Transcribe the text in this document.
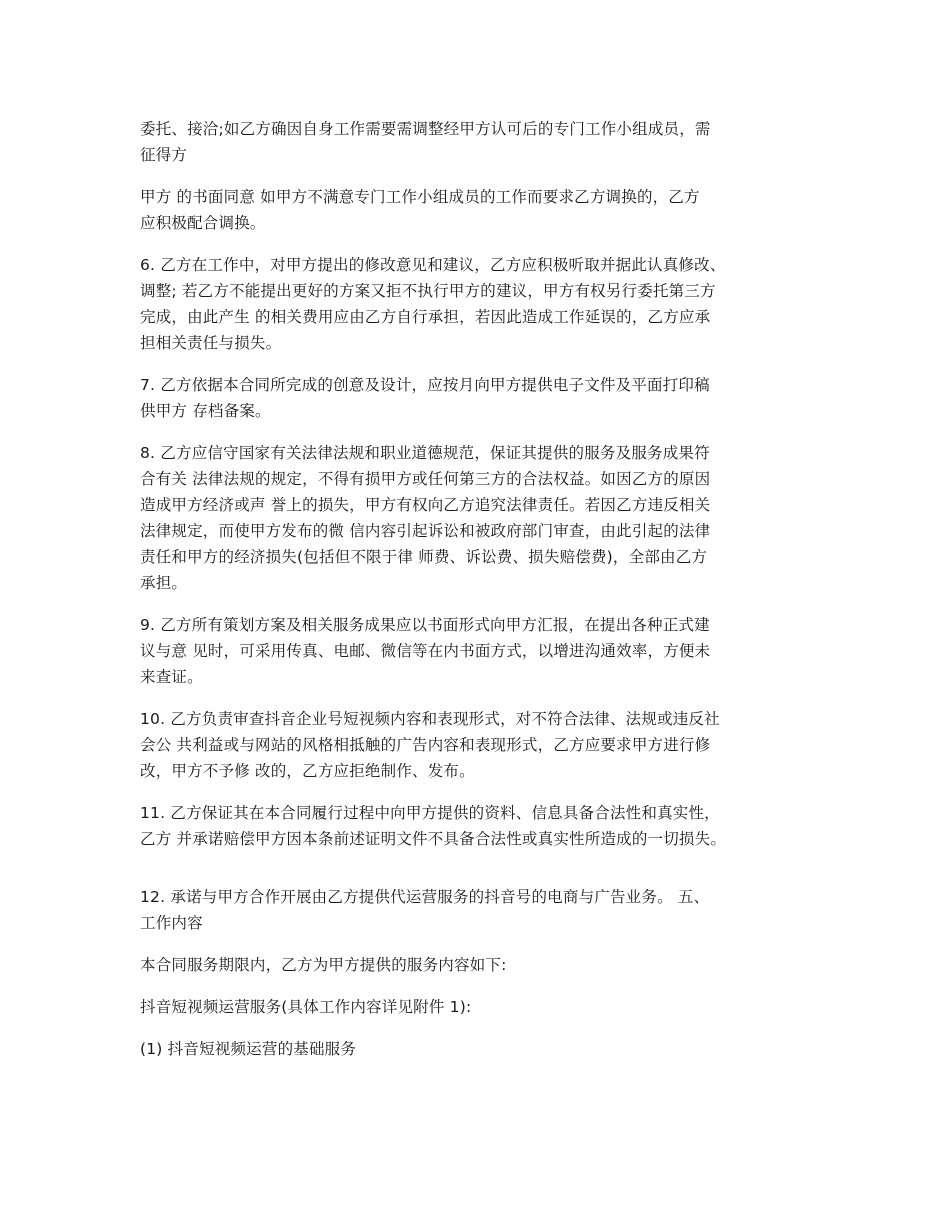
委托、接洽;如乙方确因自身工作需要需调整经甲方认可后的专门工作小组成员，需
征得方

甲方 的书面同意 如甲方不满意专门工作小组成员的工作而要求乙方调换的，乙方
应积极配合调换。

6. 乙方在工作中，对甲方提出的修改意见和建议，乙方应积极听取并据此认真修改、
调整; 若乙方不能提出更好的方案又拒不执行甲方的建议，甲方有权另行委托第三方
完成，由此产生 的相关费用应由乙方自行承担，若因此造成工作延误的，乙方应承
担相关责任与损失。

7. 乙方依据本合同所完成的创意及设计，应按月向甲方提供电子文件及平面打印稿
供甲方 存档备案。

8. 乙方应信守国家有关法律法规和职业道德规范，保证其提供的服务及服务成果符
合有关 法律法规的规定，不得有损甲方或任何第三方的合法权益。如因乙方的原因
造成甲方经济或声 誉上的损失，甲方有权向乙方追究法律责任。若因乙方违反相关
法律规定，而使甲方发布的微 信内容引起诉讼和被政府部门审查，由此引起的法律
责任和甲方的经济损失(包括但不限于律 师费、诉讼费、损失赔偿费)，全部由乙方
承担。

9. 乙方所有策划方案及相关服务成果应以书面形式向甲方汇报，在提出各种正式建
议与意 见时，可采用传真、电邮、微信等在内书面方式，以增进沟通效率，方便未
来查证。

10. 乙方负责审查抖音企业号短视频内容和表现形式，对不符合法律、法规或违反社
会公 共利益或与网站的风格相抵触的广告内容和表现形式，乙方应要求甲方进行修
改，甲方不予修 改的，乙方应拒绝制作、发布。

11. 乙方保证其在本合同履行过程中向甲方提供的资料、信息具备合法性和真实性，
乙方 并承诺赔偿甲方因本条前述证明文件不具备合法性或真实性所造成的一切损失。

12. 承诺与甲方合作开展由乙方提供代运营服务的抖音号的电商与广告业务。 五、
工作内容

本合同服务期限内，乙方为甲方提供的服务内容如下:

抖音短视频运营服务(具体工作内容详见附件 1):

(1) 抖音短视频运营的基础服务
